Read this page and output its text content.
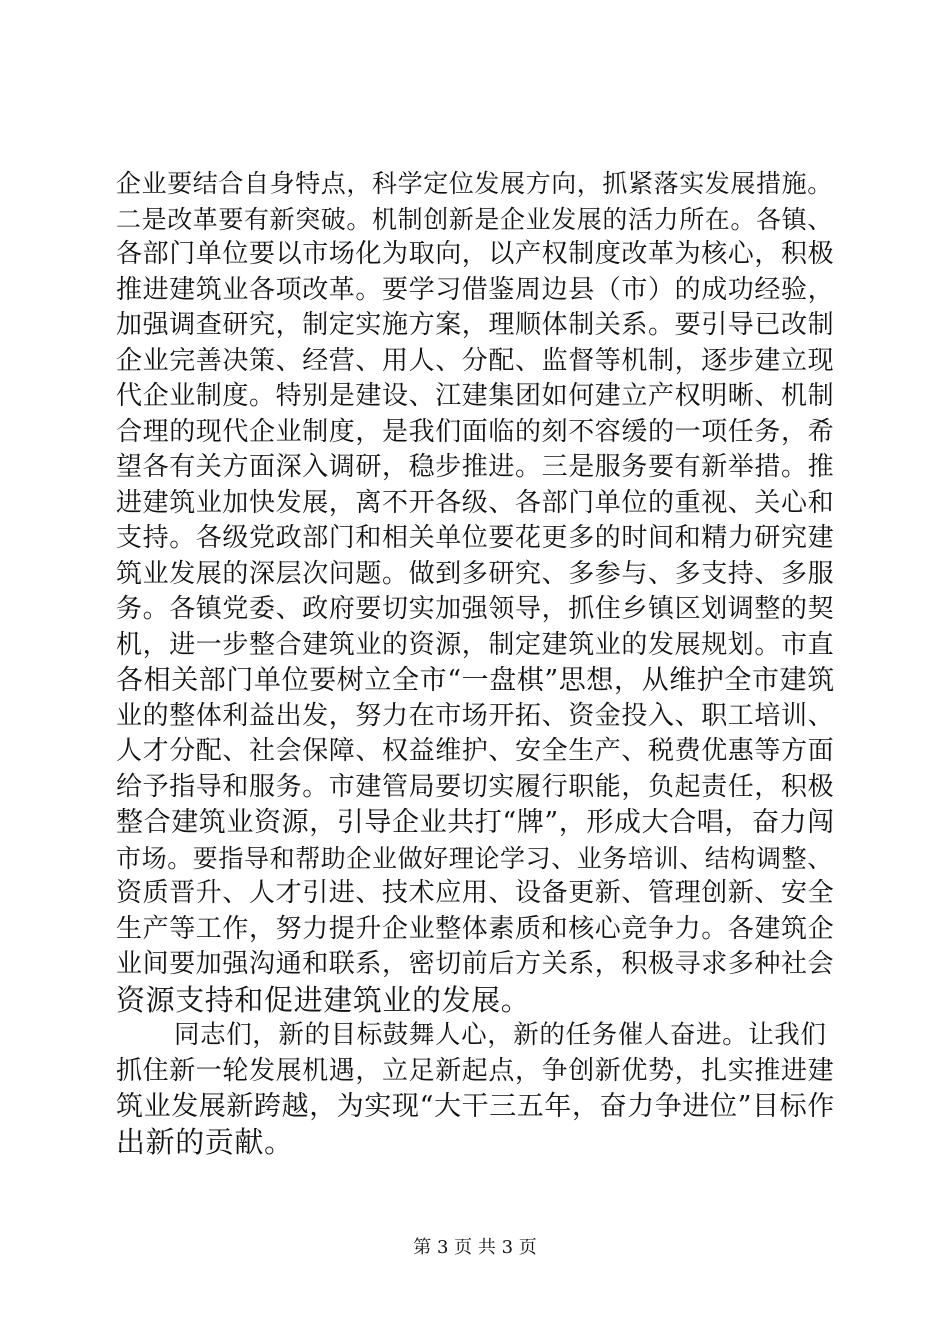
企业要结合自身特点，科学定位发展方向，抓紧落实发展措施。
二是改革要有新突破。机制创新是企业发展的活力所在。各镇、
各部门单位要以市场化为取向，以产权制度改革为核心，积极
推进建筑业各项改革。要学习借鉴周边县（市）的成功经验，
加强调查研究，制定实施方案，理顺体制关系。要引导已改制
企业完善决策、经营、用人、分配、监督等机制，逐步建立现
代企业制度。特别是建设、江建集团如何建立产权明晰、机制
合理的现代企业制度，是我们面临的刻不容缓的一项任务，希
望各有关方面深入调研，稳步推进。三是服务要有新举措。推
进建筑业加快发展，离不开各级、各部门单位的重视、关心和
支持。各级党政部门和相关单位要花更多的时间和精力研究建
筑业发展的深层次问题。做到多研究、多参与、多支持、多服
务。各镇党委、政府要切实加强领导，抓住乡镇区划调整的契
机，进一步整合建筑业的资源，制定建筑业的发展规划。市直
各相关部门单位要树立全市“一盘棋”思想，从维护全市建筑
业的整体利益出发，努力在市场开拓、资金投入、职工培训、
人才分配、社会保障、权益维护、安全生产、税费优惠等方面
给予指导和服务。市建管局要切实履行职能，负起责任，积极
整合建筑业资源，引导企业共打“牌”，形成大合唱，奋力闯
市场。要指导和帮助企业做好理论学习、业务培训、结构调整、
资质晋升、人才引进、技术应用、设备更新、管理创新、安全
生产等工作，努力提升企业整体素质和核心竞争力。各建筑企
业间要加强沟通和联系，密切前后方关系，积极寻求多种社会
资源支持和促进建筑业的发展。
同志们，新的目标鼓舞人心，新的任务催人奋进。让我们
抓住新一轮发展机遇，立足新起点，争创新优势，扎实推进建
筑业发展新跨越，为实现“大干三五年，奋力争进位”目标作
出新的贡献。
第 3 页 共 3 页
